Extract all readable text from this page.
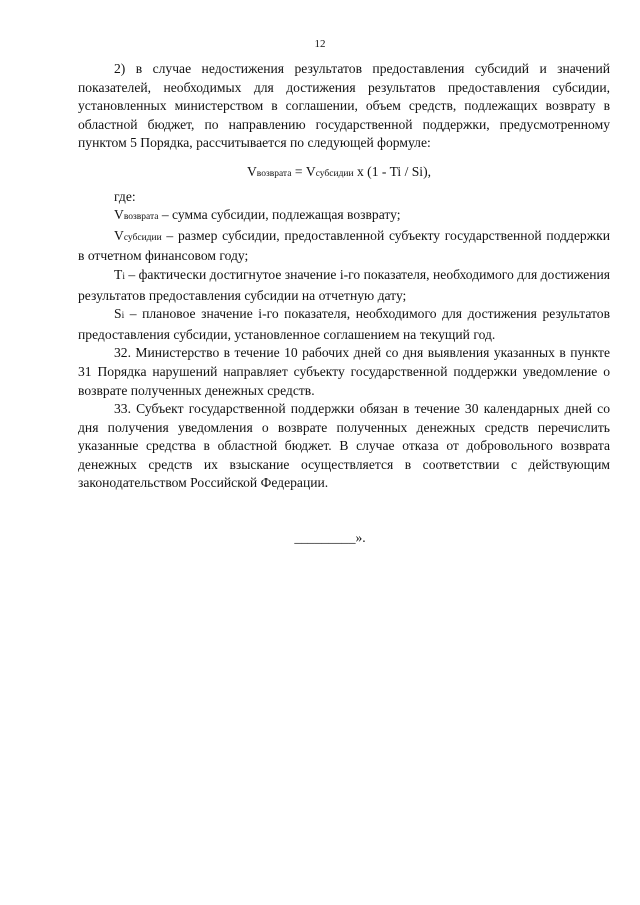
12

2) в случае недостижения результатов предоставления субсидий и значений показателей, необходимых для достижения результатов предоставления субсидии, установленных министерством в соглашении, объем средств, подлежащих возврату в областной бюджет, по направлению государственной поддержки, предусмотренному пунктом 5 Порядка, рассчитывается по следующей формуле:

Vвозврата = Vсубсидии x (1 - Ti / Si),

где:

Vвозврата – сумма субсидии, подлежащая возврату;

Vсубсидии – размер субсидии, предоставленной субъекту государственной поддержки в отчетном финансовом году;

Ti – фактически достигнутое значение i-го показателя, необходимого для достижения результатов предоставления субсидии на отчетную дату;

Si – плановое значение i-го показателя, необходимого для достижения результатов предоставления субсидии, установленное соглашением на текущий год.

32. Министерство в течение 10 рабочих дней со дня выявления указанных в пункте 31 Порядка нарушений направляет субъекту государственной поддержки уведомление о возврате полученных денежных средств.

33. Субъект государственной поддержки обязан в течение 30 календарных дней со дня получения уведомления о возврате полученных денежных средств перечислить указанные средства в областной бюджет. В случае отказа от добровольного возврата денежных средств их взыскание осуществляется в соответствии с действующим законодательством Российской Федерации.

_________».
